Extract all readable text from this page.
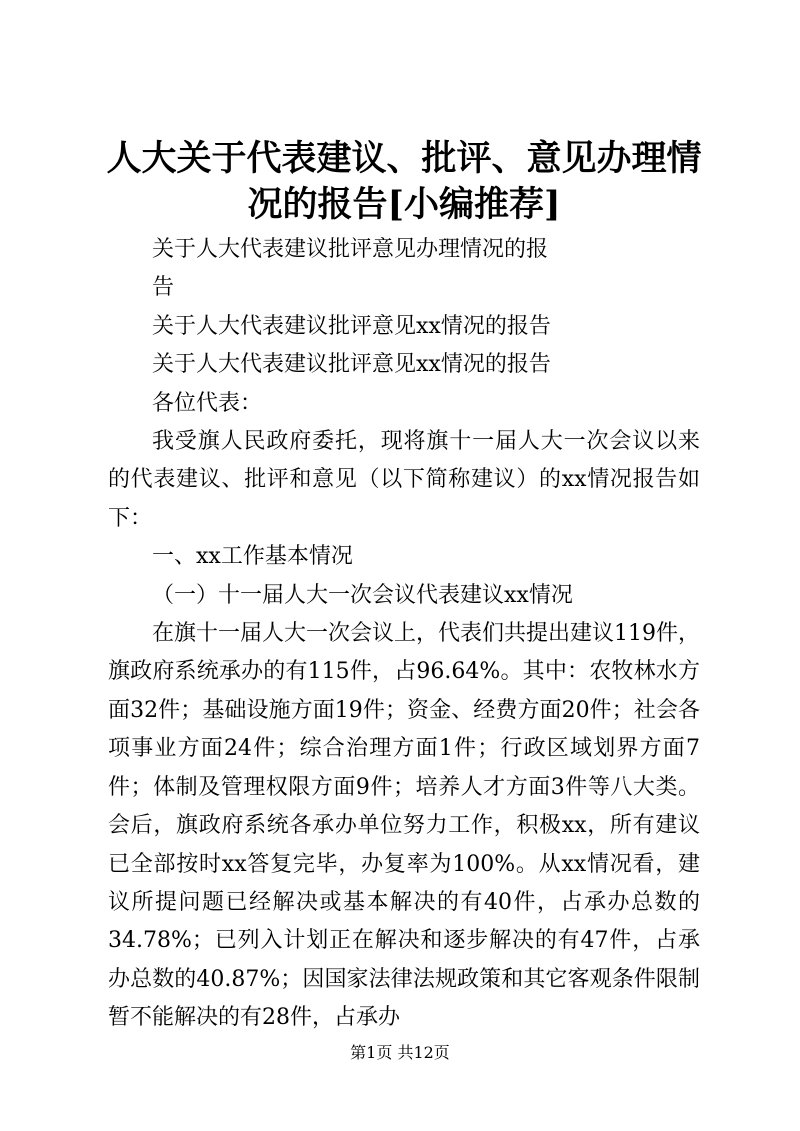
人大关于代表建议、批评、意见办理情况的报告[小编推荐]

关于人大代表建议批评意见办理情况的报

告

关于人大代表建议批评意见xx情况的报告

关于人大代表建议批评意见xx情况的报告

各位代表：

我受旗人民政府委托，现将旗十一届人大一次会议以来的代表建议、批评和意见（以下简称建议）的xx情况报告如下：

一、xx工作基本情况

（一）十一届人大一次会议代表建议xx情况

在旗十一届人大一次会议上，代表们共提出建议119件，旗政府系统承办的有115件，占96.64%。其中：农牧林水方面32件；基础设施方面19件；资金、经费方面20件；社会各项事业方面24件；综合治理方面1件；行政区域划界方面7件；体制及管理权限方面9件；培养人才方面3件等八大类。会后，旗政府系统各承办单位努力工作，积极xx，所有建议已全部按时xx答复完毕，办复率为100%。从xx情况看，建议所提问题已经解决或基本解决的有40件，占承办总数的34.78%；已列入计划正在解决和逐步解决的有47件，占承办总数的40.87%；因国家法律法规政策和其它客观条件限制暂不能解决的有28件，占承办

第1页 共12页
